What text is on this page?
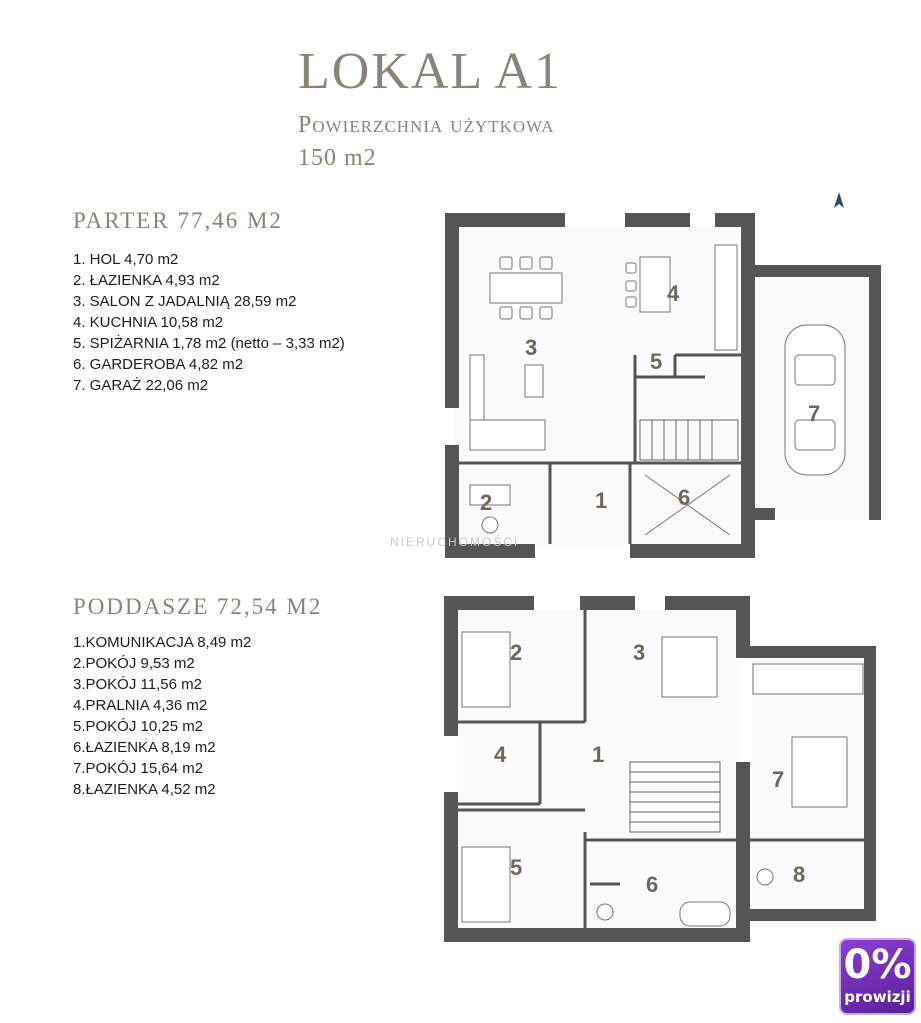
LOKAL A1
Powierzchnia użytkowa
150 m2
PARTER 77,46 M2
1. HOL 4,70 m2
2. ŁAZIENKA 4,93 m2
3. SALON Z JADALNIĄ 28,59 m2
4. KUCHNIA 10,58 m2
5. SPIŻARNIA 1,78 m2 (netto – 3,33 m2)
6. GARDEROBA 4,82 m2
7. GARAŻ 22,06 m2
PODDASZE 72,54 M2
1.KOMUNIKACJA 8,49 m2
2.POKÓJ 9,53 m2
3.POKÓJ 11,56 m2
4.PRALNIA 4,36 m2
5.POKÓJ 10,25 m2
6.ŁAZIENKA 8,19 m2
7.POKÓJ 15,64 m2
8.ŁAZIENKA 4,52 m2
1
2
3
4
5
6
7
NIERUCHOMOŚCI
1
2	3
4
5
6
7
8
0%
prowizji
